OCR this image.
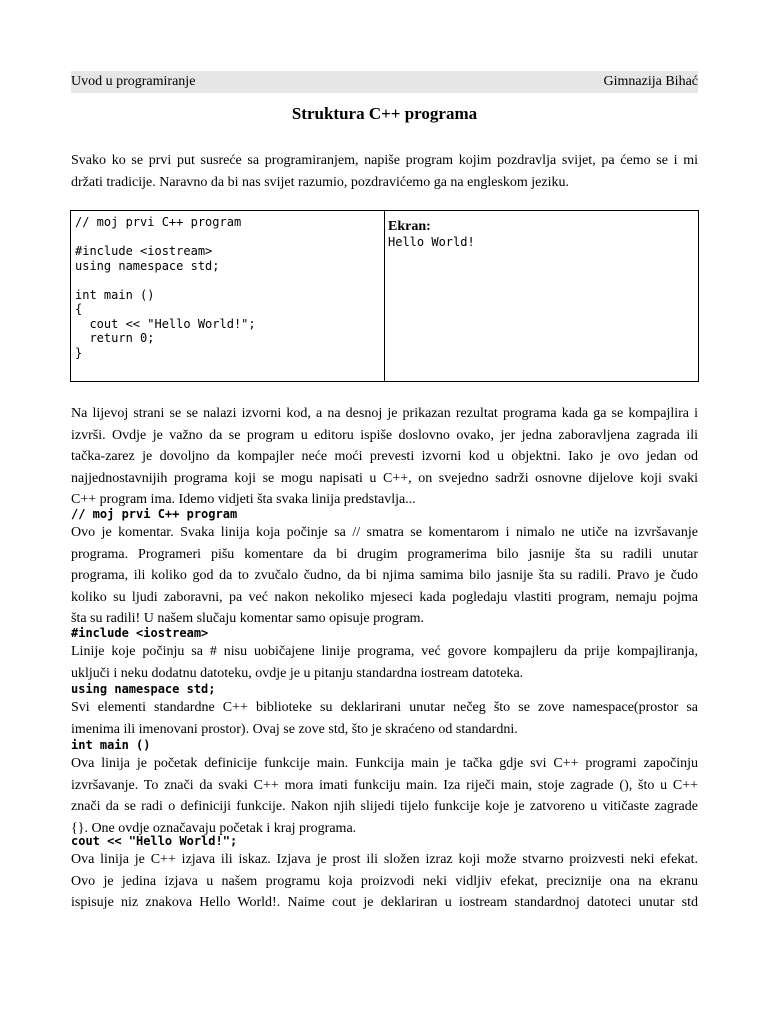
Uvod u programiranje	Gimnazija Bihać
Struktura C++ programa
Svako ko se prvi put susreće sa programiranjem, napiše program kojim pozdravlja svijet, pa ćemo se i mi
držati tradicije. Naravno da bi nas svijet razumio, pozdravićemo ga na engleskom jeziku.
// moj prvi C++ program

#include <iostream>
using namespace std;

int main ()
{
cout << "Hello World!";
return 0;
}
Ekran:
Hello World!
Na lijevoj strani se se nalazi izvorni kod, a na desnoj je prikazan rezultat programa kada ga se kompajlira i
izvrši. Ovdje je važno da se program u editoru ispiše doslovno ovako, jer jedna zaboravljena zagrada ili
tačka-zarez je dovoljno da kompajler neće moći prevesti izvorni kod u objektni. Iako je ovo jedan od
najjednostavnijih programa koji se mogu napisati u C++, on svejedno sadrži osnovne dijelove koji svaki
C++ program ima. Idemo vidjeti šta svaka linija predstavlja...
// moj prvi C++ program
Ovo je komentar. Svaka linija koja počinje sa // smatra se komentarom i nimalo ne utiče na izvršavanje
programa. Programeri pišu komentare da bi drugim programerima bilo jasnije šta su radili unutar
programa, ili koliko god da to zvučalo čudno, da bi njima samima bilo jasnije šta su radili. Pravo je čudo
koliko su ljudi zaboravni, pa već nakon nekoliko mjeseci kada pogledaju vlastiti program, nemaju pojma
šta su radili! U našem slučaju komentar samo opisuje program.
#include <iostream>
Linije koje počinju sa # nisu uobičajene linije programa, već govore kompajleru da prije kompajliranja,
uključi i neku dodatnu datoteku, ovdje je u pitanju standardna iostream datoteka.
using namespace std;
Svi elementi standardne C++ biblioteke su deklarirani unutar nečeg što se zove namespace(prostor sa
imenima ili imenovani prostor). Ovaj se zove std, što je skraćeno od standardni.
int main ()
Ova linija je početak definicije funkcije main. Funkcija main je tačka gdje svi C++ programi započinju
izvršavanje. To znači da svaki C++ mora imati funkciju main. Iza riječi main, stoje zagrade (), što u C++
znači da se radi o definiciji funkcije. Nakon njih slijedi tijelo funkcije koje je zatvoreno u vitičaste zagrade
{}. One ovdje označavaju početak i kraj programa.
cout << "Hello World!";
Ova linija je C++ izjava ili iskaz. Izjava je prost ili složen izraz koji može stvarno proizvesti neki efekat.
Ovo je jedina izjava u našem programu koja proizvodi neki vidljiv efekat, preciznije ona na ekranu
ispisuje niz znakova Hello World!. Naime cout je deklariran u iostream standardnoj datoteci unutar std
